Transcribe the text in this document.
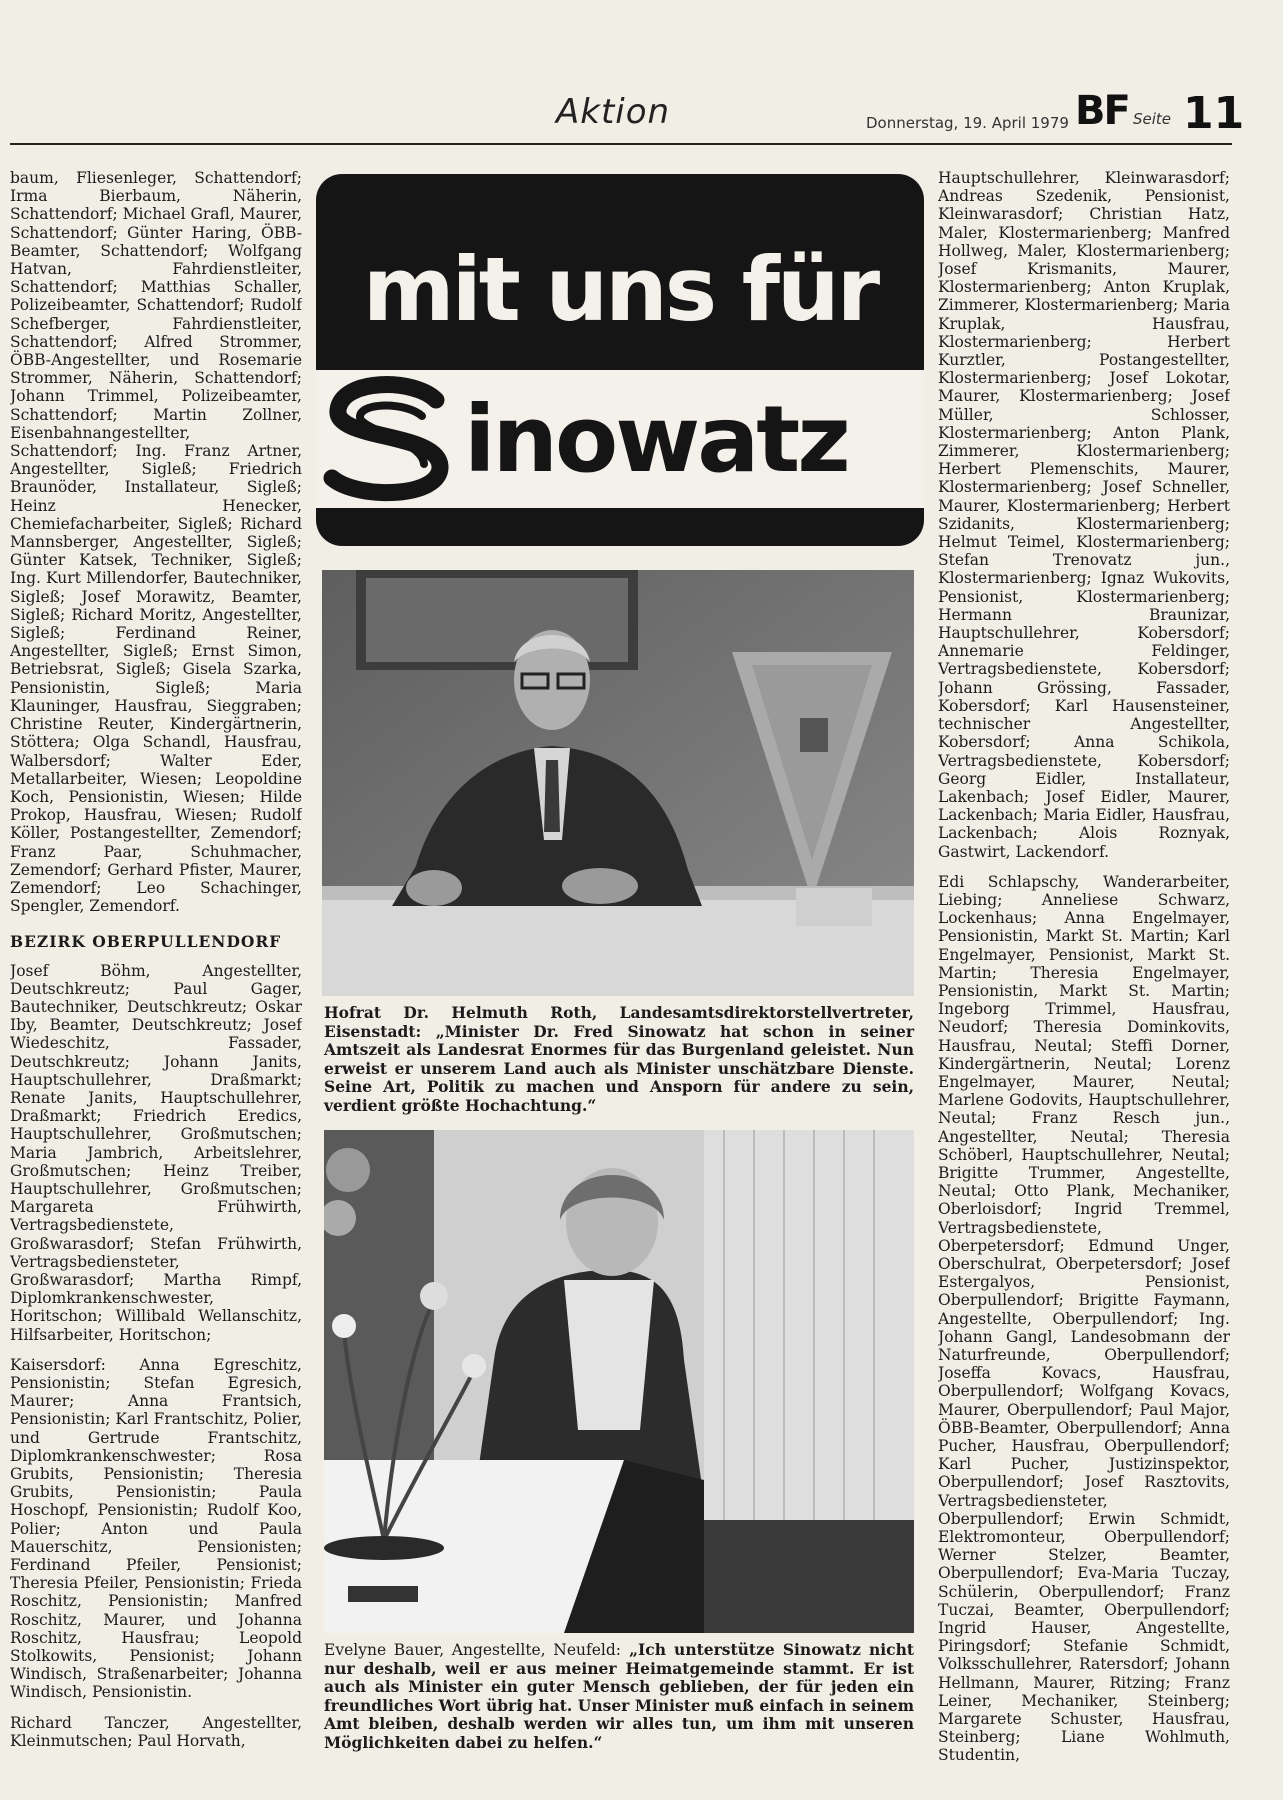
Aktion	Donnerstag, 19. April 1979 BF Seite 11

baum, Fliesenleger, Schattendorf; Irma Bierbaum, Näherin, Schattendorf; Michael Grafl, Maurer, Schattendorf; Günter Haring, ÖBB-Beamter, Schattendorf; Wolfgang Hatvan, Fahrdienstleiter, Schattendorf; Matthias Schaller, Polizeibeamter, Schattendorf; Rudolf Schefberger, Fahrdienstleiter, Schattendorf; Alfred Strommer, ÖBB-Angestellter, und Rosemarie Strommer, Näherin, Schattendorf; Johann Trimmel, Polizeibeamter, Schattendorf; Martin Zollner, Eisenbahnangestellter, Schattendorf; Ing. Franz Artner, Angestellter, Sigleß; Friedrich Braunöder, Installateur, Sigleß; Heinz Henecker, Chemiefacharbeiter, Sigleß; Richard Mannsberger, Angestellter, Sigleß; Günter Katsek, Techniker, Sigleß; Ing. Kurt Millendorfer, Bautechniker, Sigleß; Josef Morawitz, Beamter, Sigleß; Richard Moritz, Angestellter, Sigleß; Ferdinand Reiner, Angestellter, Sigleß; Ernst Simon, Betriebsrat, Sigleß; Gisela Szarka, Pensionistin, Sigleß; Maria Klauninger, Hausfrau, Sieggraben; Christine Reuter, Kindergärtnerin, Stöttera; Olga Schandl, Hausfrau, Walbersdorf; Walter Eder, Metallarbeiter, Wiesen; Leopoldine Koch, Pensionistin, Wiesen; Hilde Prokop, Hausfrau, Wiesen; Rudolf Köller, Postangestellter, Zemendorf; Franz Paar, Schuhmacher, Zemendorf; Gerhard Pfister, Maurer, Zemendorf; Leo Schachinger, Spengler, Zemendorf.

BEZIRK OBERPULLENDORF

Josef Böhm, Angestellter, Deutschkreutz; Paul Gager, Bautechniker, Deutschkreutz; Oskar Iby, Beamter, Deutschkreutz; Josef Wiedeschitz, Fassader, Deutschkreutz; Johann Janits, Hauptschullehrer, Draßmarkt; Renate Janits, Hauptschullehrer, Draßmarkt; Friedrich Eredics, Hauptschullehrer, Großmutschen; Maria Jambrich, Arbeitslehrer, Großmutschen; Heinz Treiber, Hauptschullehrer, Großmutschen; Margareta Frühwirth, Vertragsbedienstete, Großwarasdorf; Stefan Frühwirth, Vertragsbediensteter, Großwarasdorf; Martha Rimpf, Diplomkrankenschwester, Horitschon; Willibald Wellanschitz, Hilfsarbeiter, Horitschon;

Kaisersdorf: Anna Egreschitz, Pensionistin; Stefan Egresich, Maurer; Anna Frantsich, Pensionistin; Karl Frantschitz, Polier, und Gertrude Frantschitz, Diplomkrankenschwester; Rosa Grubits, Pensionistin; Theresia Grubits, Pensionistin; Paula Hoschopf, Pensionistin; Rudolf Koo, Polier; Anton und Paula Mauerschitz, Pensionisten; Ferdinand Pfeiler, Pensionist; Theresia Pfeiler, Pensionistin; Frieda Roschitz, Pensionistin; Manfred Roschitz, Maurer, und Johanna Roschitz, Hausfrau; Leopold Stolkowits, Pensionist; Johann Windisch, Straßenarbeiter; Johanna Windisch, Pensionistin.

Richard Tanczer, Angestellter, Kleinmutschen; Paul Horvath,

mit uns für
inowatz
Hofrat Dr. Helmuth Roth, Landesamtsdirektorstellvertreter, Eisenstadt: „Minister Dr. Fred Sinowatz hat schon in seiner Amtszeit als Landesrat Enormes für das Burgenland geleistet. Nun erweist er unserem Land auch als Minister unschätzbare Dienste. Seine Art, Politik zu machen und Ansporn für andere zu sein, verdient größte Hochachtung.“
Evelyne Bauer, Angestellte, Neufeld: „Ich unterstütze Sinowatz nicht nur deshalb, weil er aus meiner Heimatgemeinde stammt. Er ist auch als Minister ein guter Mensch geblieben, der für jeden ein freundliches Wort übrig hat. Unser Minister muß einfach in seinem Amt bleiben, deshalb werden wir alles tun, um ihm mit unseren Möglichkeiten dabei zu helfen.“

Hauptschullehrer, Kleinwarasdorf; Andreas Szedenik, Pensionist, Kleinwarasdorf; Christian Hatz, Maler, Klostermarienberg; Manfred Hollweg, Maler, Klostermarienberg; Josef Krismanits, Maurer, Klostermarienberg; Anton Kruplak, Zimmerer, Klostermarienberg; Maria Kruplak, Hausfrau, Klostermarienberg; Herbert Kurztler, Postangestellter, Klostermarienberg; Josef Lokotar, Maurer, Klostermarienberg; Josef Müller, Schlosser, Klostermarienberg; Anton Plank, Zimmerer, Klostermarienberg; Herbert Plemenschits, Maurer, Klostermarienberg; Josef Schneller, Maurer, Klostermarienberg; Herbert Szidanits, Klostermarienberg; Helmut Teimel, Klostermarienberg; Stefan Trenovatz jun., Klostermarienberg; Ignaz Wukovits, Pensionist, Klostermarienberg; Hermann Braunizar, Hauptschullehrer, Kobersdorf; Annemarie Feldinger, Vertragsbedienstete, Kobersdorf; Johann Grössing, Fassader, Kobersdorf; Karl Hausensteiner, technischer Angestellter, Kobersdorf; Anna Schikola, Vertragsbedienstete, Kobersdorf; Georg Eidler, Installateur, Lakenbach; Josef Eidler, Maurer, Lackenbach; Maria Eidler, Hausfrau, Lackenbach; Alois Roznyak, Gastwirt, Lackendorf.

Edi Schlapschy, Wanderarbeiter, Liebing; Anneliese Schwarz, Lockenhaus; Anna Engelmayer, Pensionistin, Markt St. Martin; Karl Engelmayer, Pensionist, Markt St. Martin; Theresia Engelmayer, Pensionistin, Markt St. Martin; Ingeborg Trimmel, Hausfrau, Neudorf; Theresia Dominkovits, Hausfrau, Neutal; Steffi Dorner, Kindergärtnerin, Neutal; Lorenz Engelmayer, Maurer, Neutal; Marlene Godovits, Hauptschullehrer, Neutal; Franz Resch jun., Angestellter, Neutal; Theresia Schöberl, Hauptschullehrer, Neutal; Brigitte Trummer, Angestellte, Neutal; Otto Plank, Mechaniker, Oberloisdorf; Ingrid Tremmel, Vertragsbedienstete, Oberpetersdorf; Edmund Unger, Oberschulrat, Oberpetersdorf; Josef Estergalyos, Pensionist, Oberpullendorf; Brigitte Faymann, Angestellte, Oberpullendorf; Ing. Johann Gangl, Landesobmann der Naturfreunde, Oberpullendorf; Joseffa Kovacs, Hausfrau, Oberpullendorf; Wolfgang Kovacs, Maurer, Oberpullendorf; Paul Major, ÖBB-Beamter, Oberpullendorf; Anna Pucher, Hausfrau, Oberpullendorf; Karl Pucher, Justizinspektor, Oberpullendorf; Josef Rasztovits, Vertragsbediensteter, Oberpullendorf; Erwin Schmidt, Elektromonteur, Oberpullendorf; Werner Stelzer, Beamter, Oberpullendorf; Eva-Maria Tuczay, Schülerin, Oberpullendorf; Franz Tuczai, Beamter, Oberpullendorf; Ingrid Hauser, Angestellte, Piringsdorf; Stefanie Schmidt, Volksschullehrer, Ratersdorf; Johann Hellmann, Maurer, Ritzing; Franz Leiner, Mechaniker, Steinberg; Margarete Schuster, Hausfrau, Steinberg; Liane Wohlmuth, Studentin,
